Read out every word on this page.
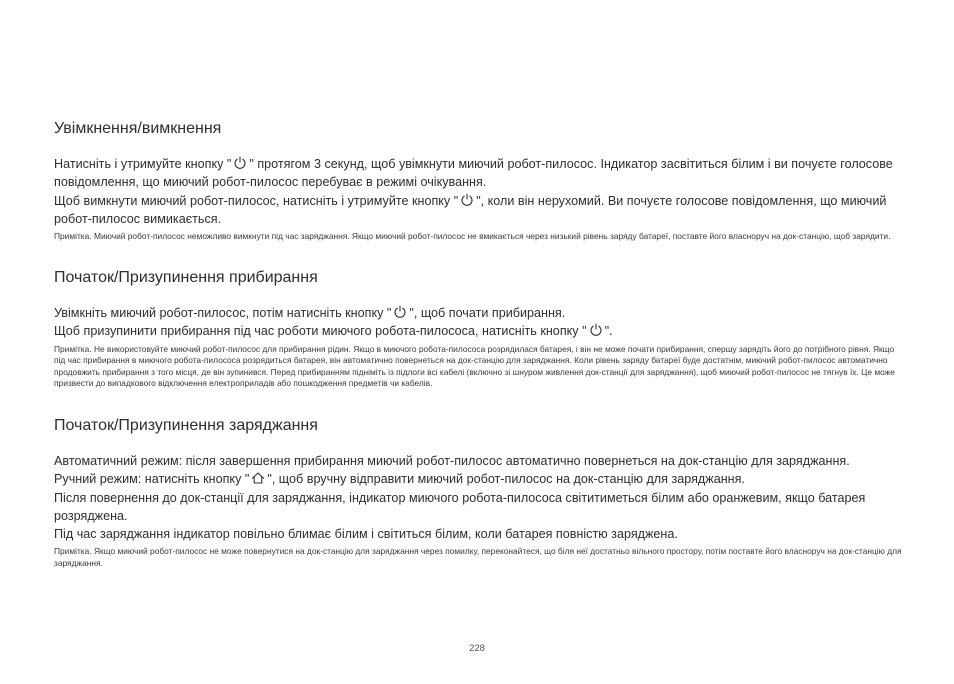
Увімкнення/вимкнення

Натисніть і утримуйте кнопку " " протягом 3 секунд, щоб увімкнути миючий робот-пилосос. Індикатор засвітиться білим і ви почуєте голосове повідомлення, що миючий робот-пилосос перебуває в режимі очікування.

Щоб вимкнути миючий робот-пилосос, натисніть і утримуйте кнопку " ", коли він нерухомий. Ви почуєте голосове повідомлення, що миючий робот-пилосос вимикається.

Примітка. Миючий робот-пилосос неможливо вимкнути під час заряджання. Якщо миючий робот-пилосос не вмикається через низький рівень заряду батареї, поставте його власноруч на док-станцію, щоб зарядити.

Початок/Призупинення прибирання

Увімкніть миючий робот-пилосос, потім натисніть кнопку " ", щоб почати прибирання.

Щоб призупинити прибирання під час роботи миючого робота-пилососа, натисніть кнопку " ".

Примітка. Не використовуйте миючий робот-пилосос для прибирання рідин. Якщо в миючого робота-пилососа розрядилася батарея, і він не може почати прибирання, спершу зарядіть його до потрібного рівня. Якщо під час прибирання в миючого робота-пилососа розрядиться батарея, він автоматично повернеться на док-станцію для заряджання. Коли рівень заряду батареї буде достатнім, миючий робот-пилосос автоматично продовжить прибирання з того місця, де він зупинився. Перед прибиранням підніміть із підлоги всі кабелі (включно зі шнуром живлення док-станції для заряджання), щоб миючий робот-пилосос не тягнув їх. Це може призвести до випадкового відключення електроприладів або пошкодження предметів чи кабелів.

Початок/Призупинення заряджання

Автоматичний режим: після завершення прибирання миючий робот-пилосос автоматично повернеться на док-станцію для заряджання.

Ручний режим: натисніть кнопку " ", щоб вручну відправити миючий робот-пилосос на док-станцію для заряджання.

Після повернення до док-станції для заряджання, індикатор миючого робота-пилососа світитиметься білим або оранжевим, якщо батарея розряджена.

Під час заряджання індикатор повільно блимає білим і світиться білим, коли батарея повністю заряджена.

Примітка. Якщо миючий робот-пилосос не може повернутися на док-станцію для заряджання через помилку, переконайтеся, що біля неї достатньо вільного простору, потім поставте його власноруч на док-станцію для заряджання.

228
